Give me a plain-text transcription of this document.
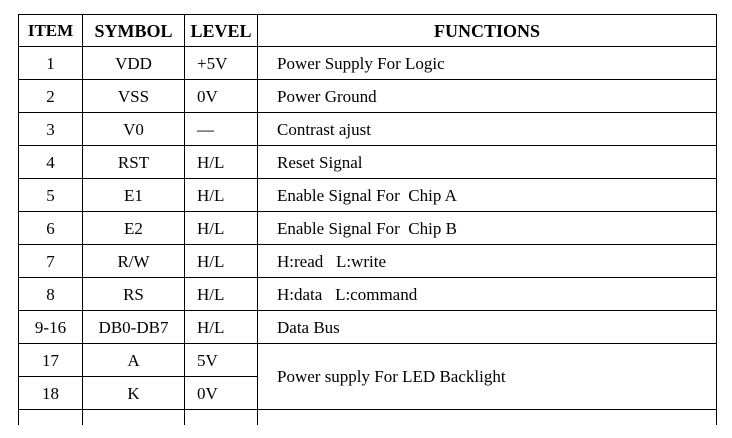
ITEM	SYMBOL	LEVEL	FUNCTIONS
1	VDD	+5V	Power Supply For Logic
2	VSS	0V	Power Ground
3	V0	—	Contrast ajust
4	RST	H/L	Reset Signal
5	E1	H/L	Enable Signal For  Chip A
6	E2	H/L	Enable Signal For  Chip B
7	R/W	H/L	H:read   L:write
8	RS	H/L	H:data   L:command
9-16	DB0-DB7	H/L	Data Bus
17	A	5V	Power supply For LED Backlight
18	K	0V	
